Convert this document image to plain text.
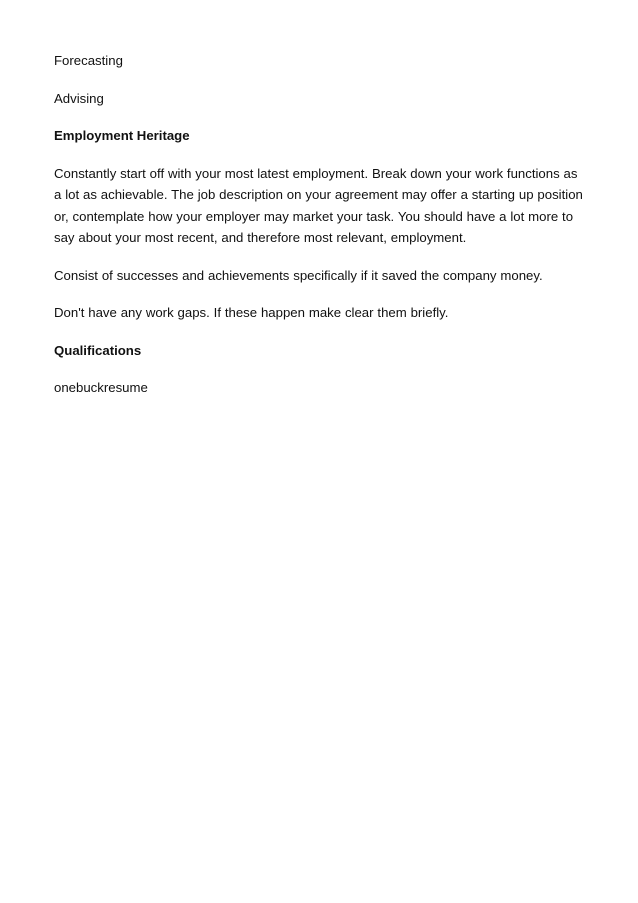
Forecasting

Advising

Employment Heritage

Constantly start off with your most latest employment. Break down your work functions as a lot as achievable. The job description on your agreement may offer a starting up position or, contemplate how your employer may market your task. You should have a lot more to say about your most recent, and therefore most relevant, employment.

Consist of successes and achievements specifically if it saved the company money.

Don't have any work gaps. If these happen make clear them briefly.

Qualifications

onebuckresume
